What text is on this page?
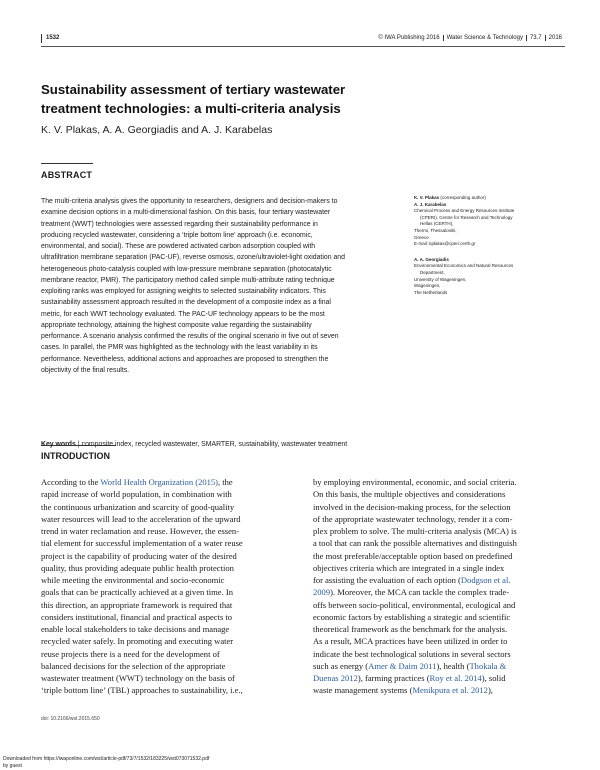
1532	© IWA Publishing 2016 Water Science & Technology 73.7 2016
Sustainability assessment of tertiary wastewater
treatment technologies: a multi-criteria analysis
K. V. Plakas, A. A. Georgiadis and A. J. Karabelas
ABSTRACT
The multi-criteria analysis gives the opportunity to researchers, designers and decision-makers to
examine decision options in a multi-dimensional fashion. On this basis, four tertiary wastewater
treatment (WWT) technologies were assessed regarding their sustainability performance in
producing recycled wastewater, considering a ‘triple bottom line’ approach (i.e. economic,
environmental, and social). These are powdered activated carbon adsorption coupled with
ultrafiltration membrane separation (PAC-UF), reverse osmosis, ozone/ultraviolet-light oxidation and
heterogeneous photo-catalysis coupled with low-pressure membrane separation (photocatalytic
membrane reactor, PMR). The participatory method called simple multi-attribute rating technique
exploiting ranks was employed for assigning weights to selected sustainability indicators. This
sustainability assessment approach resulted in the development of a composite index as a final
metric, for each WWT technology evaluated. The PAC-UF technology appears to be the most
appropriate technology, attaining the highest composite value regarding the sustainability
performance. A scenario analysis confirmed the results of the original scenario in five out of seven
cases. In parallel, the PMR was highlighted as the technology with the least variability in its
performance. Nevertheless, additional actions and approaches are proposed to strengthen the
objectivity of the final results.
Key words | composite index, recycled wastewater, SMARTER, sustainability, wastewater treatment
K. V. Plakas (corresponding author)
A. J. Karabelas
Chemical Process and Energy Resources Institute
(CPERI), Centre for Research and Technology
Hellas (CERTH),
Thermi, Thessaloniki,
Greece
E-mail: kplakas@cperi.certh.gr
A. A. Georgiadis
Environmental Economics and Natural Resources
Department,
University of Wageningen,
Wageningen,
The Netherlands
INTRODUCTION
According to the World Health Organization (2015), the
rapid increase of world population, in combination with
the continuous urbanization and scarcity of good-quality
water resources will lead to the acceleration of the upward
trend in water reclamation and reuse. However, the essen-
tial element for successful implementation of a water reuse
project is the capability of producing water of the desired
quality, thus providing adequate public health protection
while meeting the environmental and socio-economic
goals that can be practically achieved at a given time. In
this direction, an appropriate framework is required that
considers institutional, financial and practical aspects to
enable local stakeholders to take decisions and manage
recycled water safely. In promoting and executing water
reuse projects there is a need for the development of
balanced decisions for the selection of the appropriate
wastewater treatment (WWT) technology on the basis of
‘triple bottom line’ (TBL) approaches to sustainability, i.e.,
by employing environmental, economic, and social criteria.
On this basis, the multiple objectives and considerations
involved in the decision-making process, for the selection
of the appropriate wastewater technology, render it a com-
plex problem to solve. The multi-criteria analysis (MCA) is
a tool that can rank the possible alternatives and distinguish
the most preferable/acceptable option based on predefined
objectives criteria which are integrated in a single index
for assisting the evaluation of each option (Dodgson et al.
2009). Moreover, the MCA can tackle the complex trade-
offs between socio-political, environmental, ecological and
economic factors by establishing a strategic and scientific
theoretical framework as the benchmark for the analysis.
As a result, MCA practices have been utilized in order to
indicate the best technological solutions in several sectors
such as energy (Amer & Daim 2011), health (Thokala &
Duenas 2012), farming practices (Roy et al. 2014), solid
waste management systems (Menikpura et al. 2012),
doi: 10.2166/wst.2015.650
Downloaded from https://iwaponline.com/wst/article-pdf/73/7/1532/183225/wst073071532.pdf
by guest
